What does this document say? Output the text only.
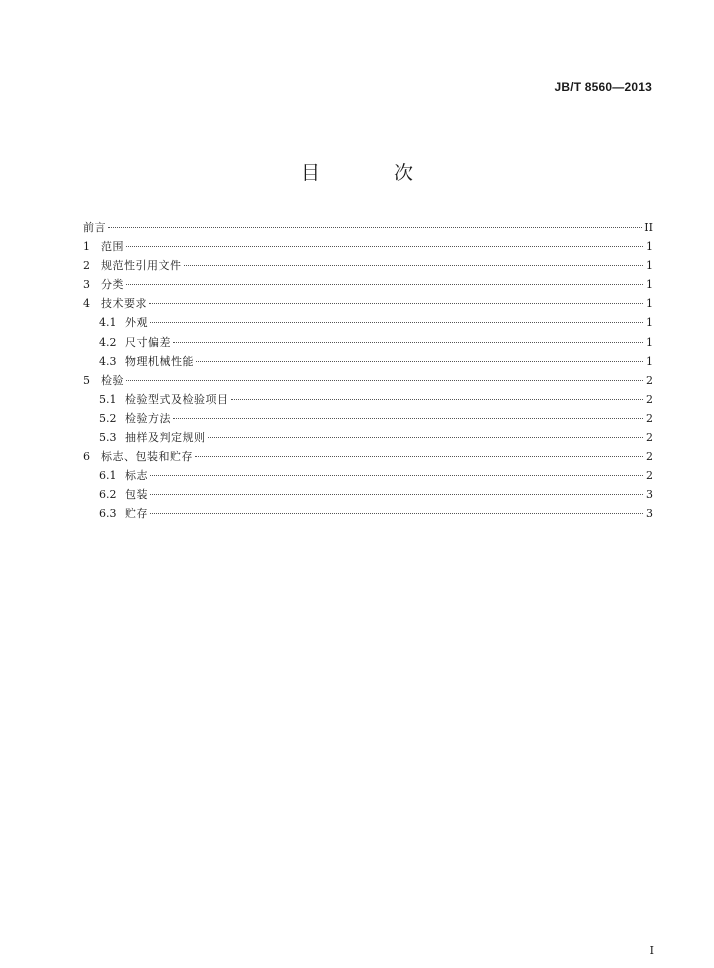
JB/T 8560—2013
目 次
前言	II
1	范围	1
2	规范性引用文件	1
3	分类	1
4	技术要求	1
4.1 外观	1
4.2 尺寸偏差	1
4.3 物理机械性能	1
5	检验	2
5.1 检验型式及检验项目	2
5.2 检验方法	2
5.3 抽样及判定规则	2
6	标志、包装和贮存	2
6.1 标志	2
6.2 包装	3
6.3 贮存	3
I
